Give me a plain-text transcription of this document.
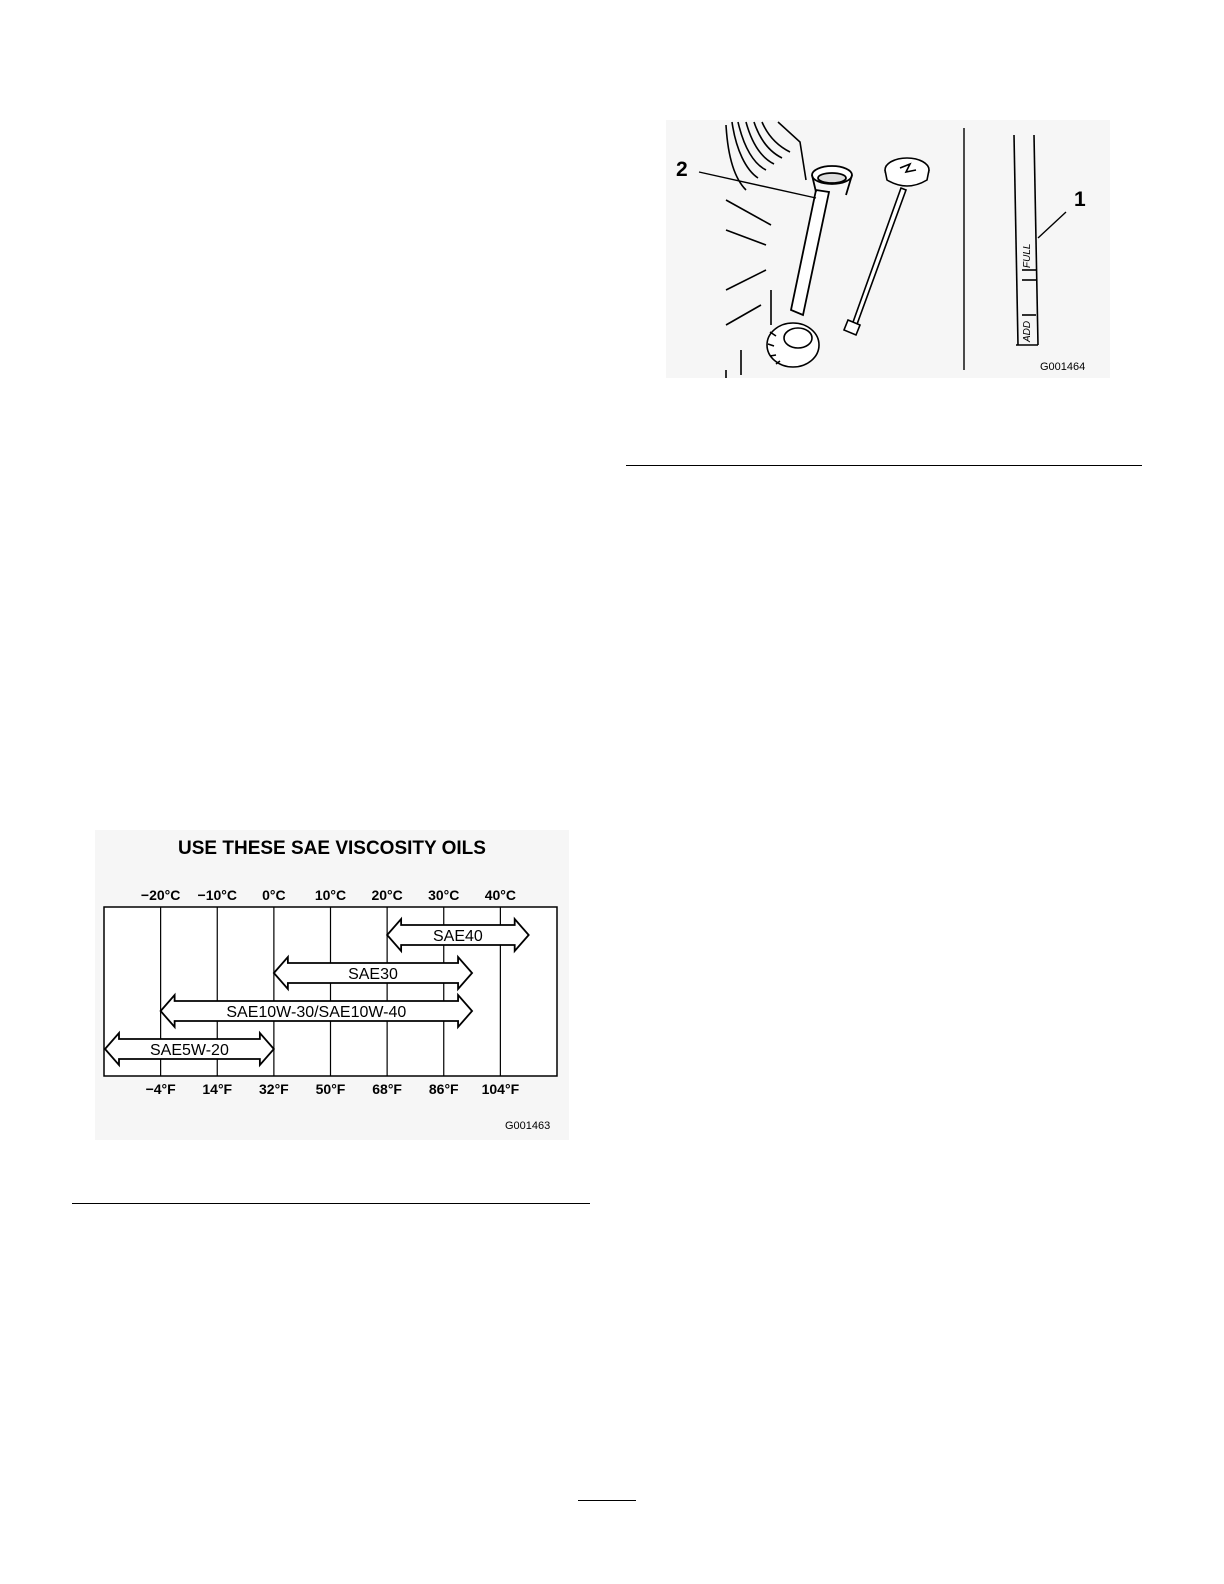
USE THESE SAE VISCOSITY OILS
−20°C
−4°F
−10°C
14°F
0°C
32°F
10°C
50°F
20°C
68°F
30°C
86°F
40°C
104°F
SAE40
SAE30
SAE10W-30/SAE10W-40
SAE5W-20
G001463
ADD
FULL
2
1
G001464
